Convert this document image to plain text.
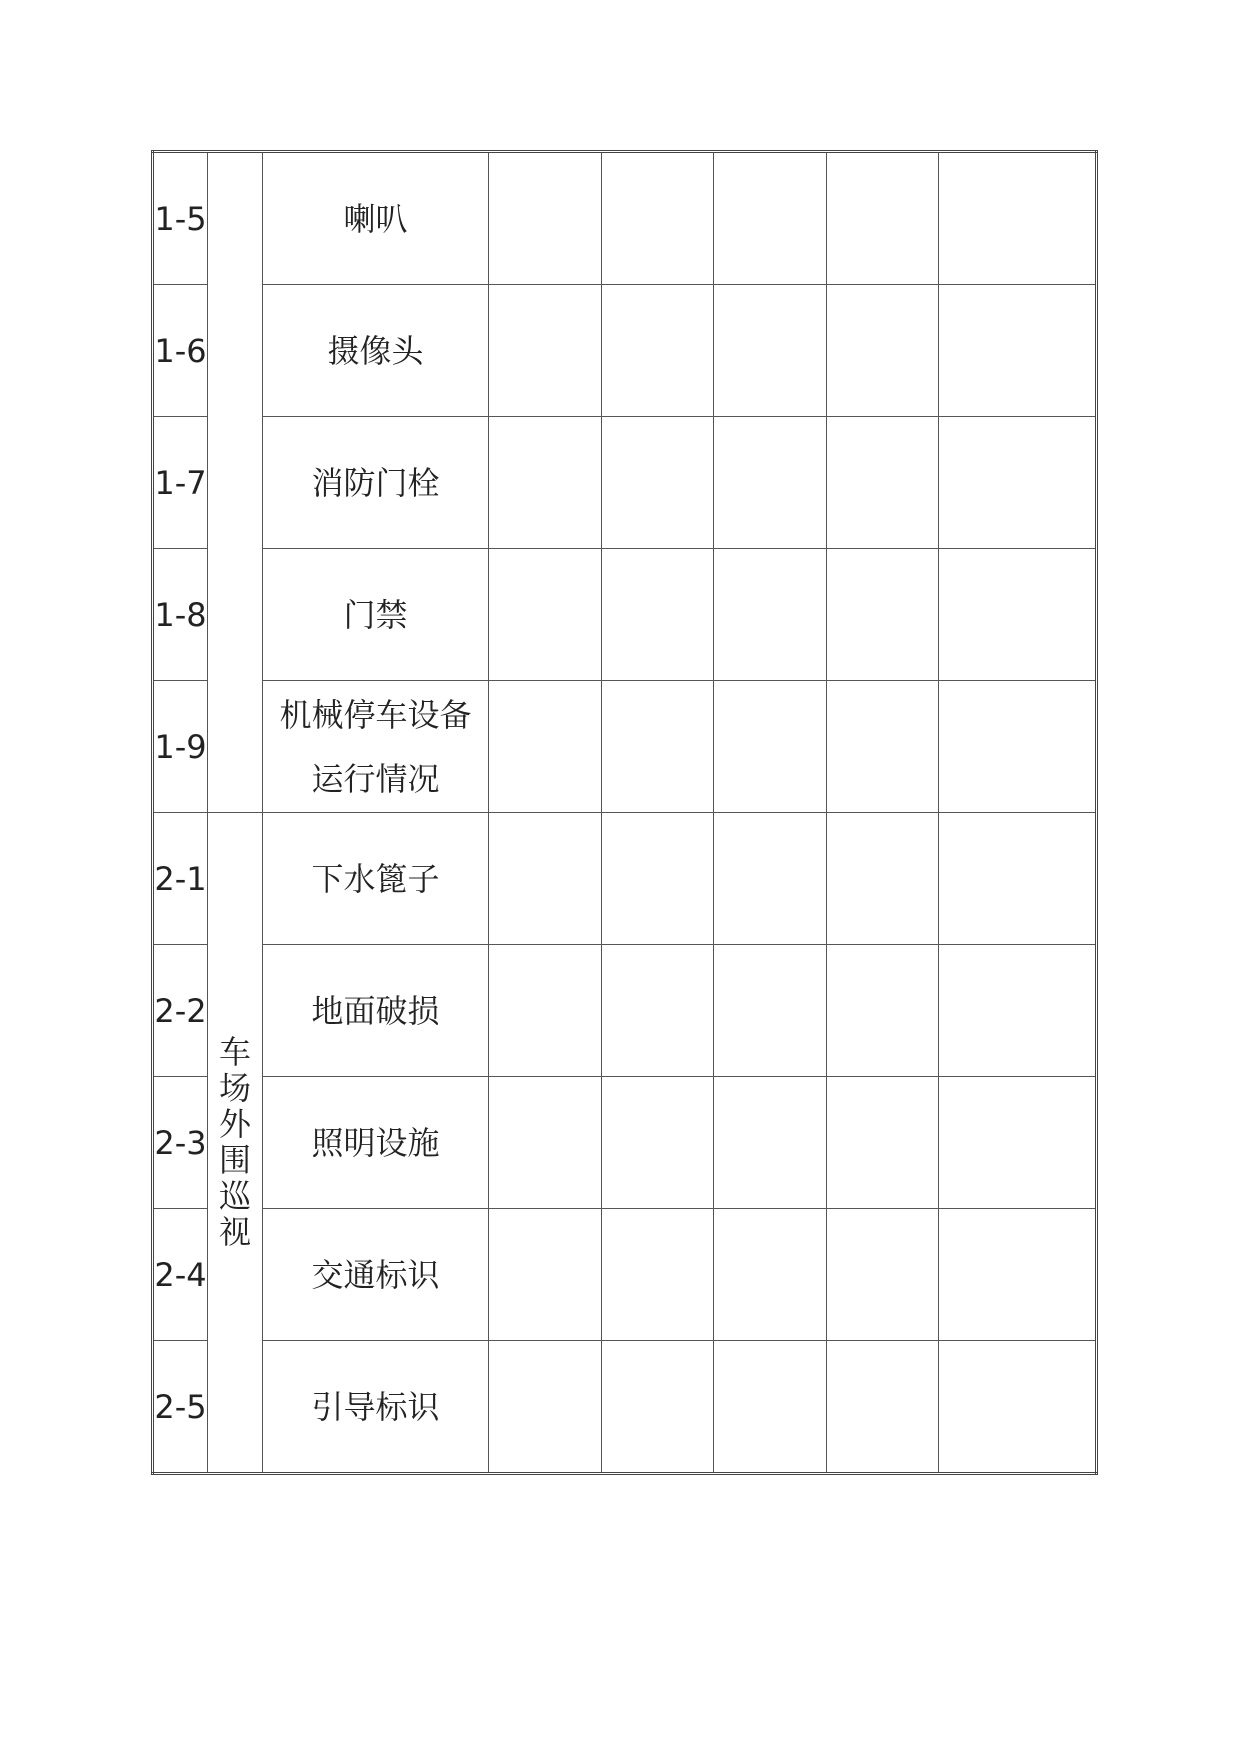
1-5		喇叭					

1-6		摄像头					

1-7		消防门栓					

1-8		门禁					

1-9		机械停车设备
运行情况					

2-1	车场外围巡视	下水篦子					

2-2		地面破损					

2-3		照明设施					

2-4		交通标识					

2-5		引导标识					
